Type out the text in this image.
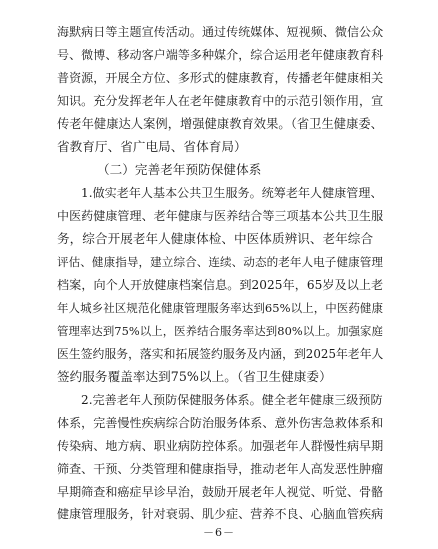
海默病日等主题宣传活动。通过传统媒体、短视频、微信公众
号、微博、移动客户端等多种媒介，综合运用老年健康教育科
普资源，开展全方位、多形式的健康教育，传播老年健康相关
知识。充分发挥老年人在老年健康教育中的示范引领作用，宣
传老年健康达人案例，增强健康教育效果。（省卫生健康委、
省教育厅、省广电局、省体育局）
（二）完善老年预防保健体系
1.做实老年人基本公共卫生服务。统筹老年人健康管理、
中医药健康管理、老年健康与医养结合等三项基本公共卫生服
务，综合开展老年人健康体检、中医体质辨识、老年综合
评估、健康指导，建立综合、连续、动态的老年人电子健康管理
档案，向个人开放健康档案信息。到2025年，65岁及以上老
年人城乡社区规范化健康管理服务率达到65%以上，中医药健康
管理率达到75%以上，医养结合服务率达到80%以上。加强家庭
医生签约服务，落实和拓展签约服务及内涵，到2025年老年人
签约服务覆盖率达到75%以上。（省卫生健康委）
2.完善老年人预防保健服务体系。健全老年健康三级预防
体系，完善慢性疾病综合防治服务体系、意外伤害急救体系和
传染病、地方病、职业病防控体系。加强老年人群慢性病早期
筛查、干预、分类管理和健康指导，推动老年人高发恶性肿瘤
早期筛查和癌症早诊早治，鼓励开展老年人视觉、听觉、骨骼
健康管理服务，针对衰弱、肌少症、营养不良、心脑血管疾病
－6－
